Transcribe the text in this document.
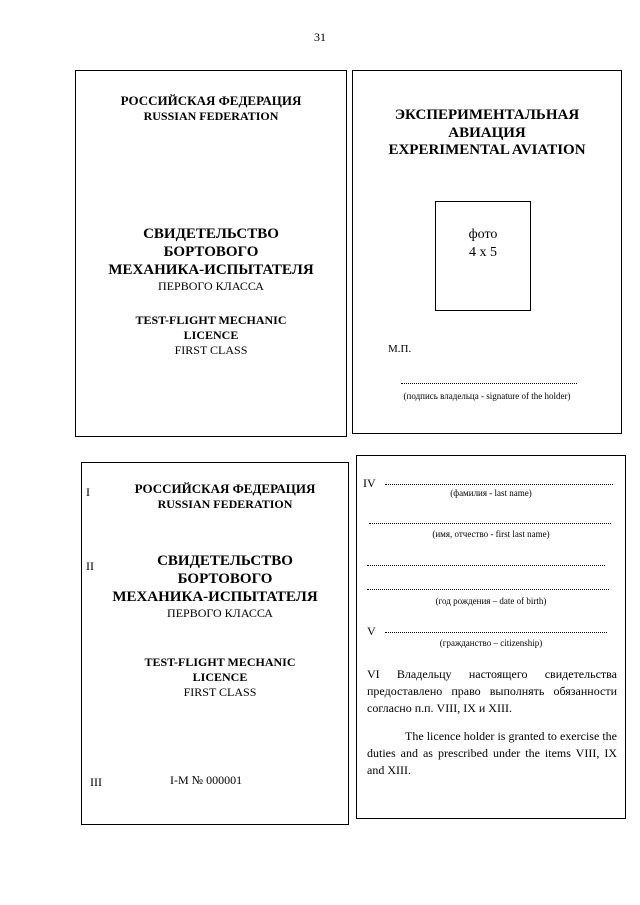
31
РОССИЙСКАЯ ФЕДЕРАЦИЯ
RUSSIAN FEDERATION
СВИДЕТЕЛЬСТВО
БОРТОВОГО
МЕХАНИКА-ИСПЫТАТЕЛЯ
ПЕРВОГО КЛАССА
TEST-FLIGHT MECHANIC
LICENCE
FIRST CLASS
ЭКСПЕРИМЕНТАЛЬНАЯ
АВИАЦИЯ
EXPERIMENTAL AVIATION
фото
4 x 5
М.П.
(подпись владельца - signature of the holder)
I	РОССИЙСКАЯ ФЕДЕРАЦИЯ
RUSSIAN FEDERATION
II	СВИДЕТЕЛЬСТВО
БОРТОВОГО
МЕХАНИКА-ИСПЫТАТЕЛЯ
ПЕРВОГО КЛАССА
TEST-FLIGHT MECHANIC
LICENCE
FIRST CLASS
III	I-M № 000001
IV
(фамилия - last name)
(имя, отчество - first last name)
(год рождения – date of birth)
V
(гражданство – citizenship)
VI Владельцу настоящего свидетельства предоставлено право выполнять обязанности согласно п.п. VIII, IX и XIII.
The licence holder is granted to exercise the duties and as prescribed under the items VIII, IX and XIII.
